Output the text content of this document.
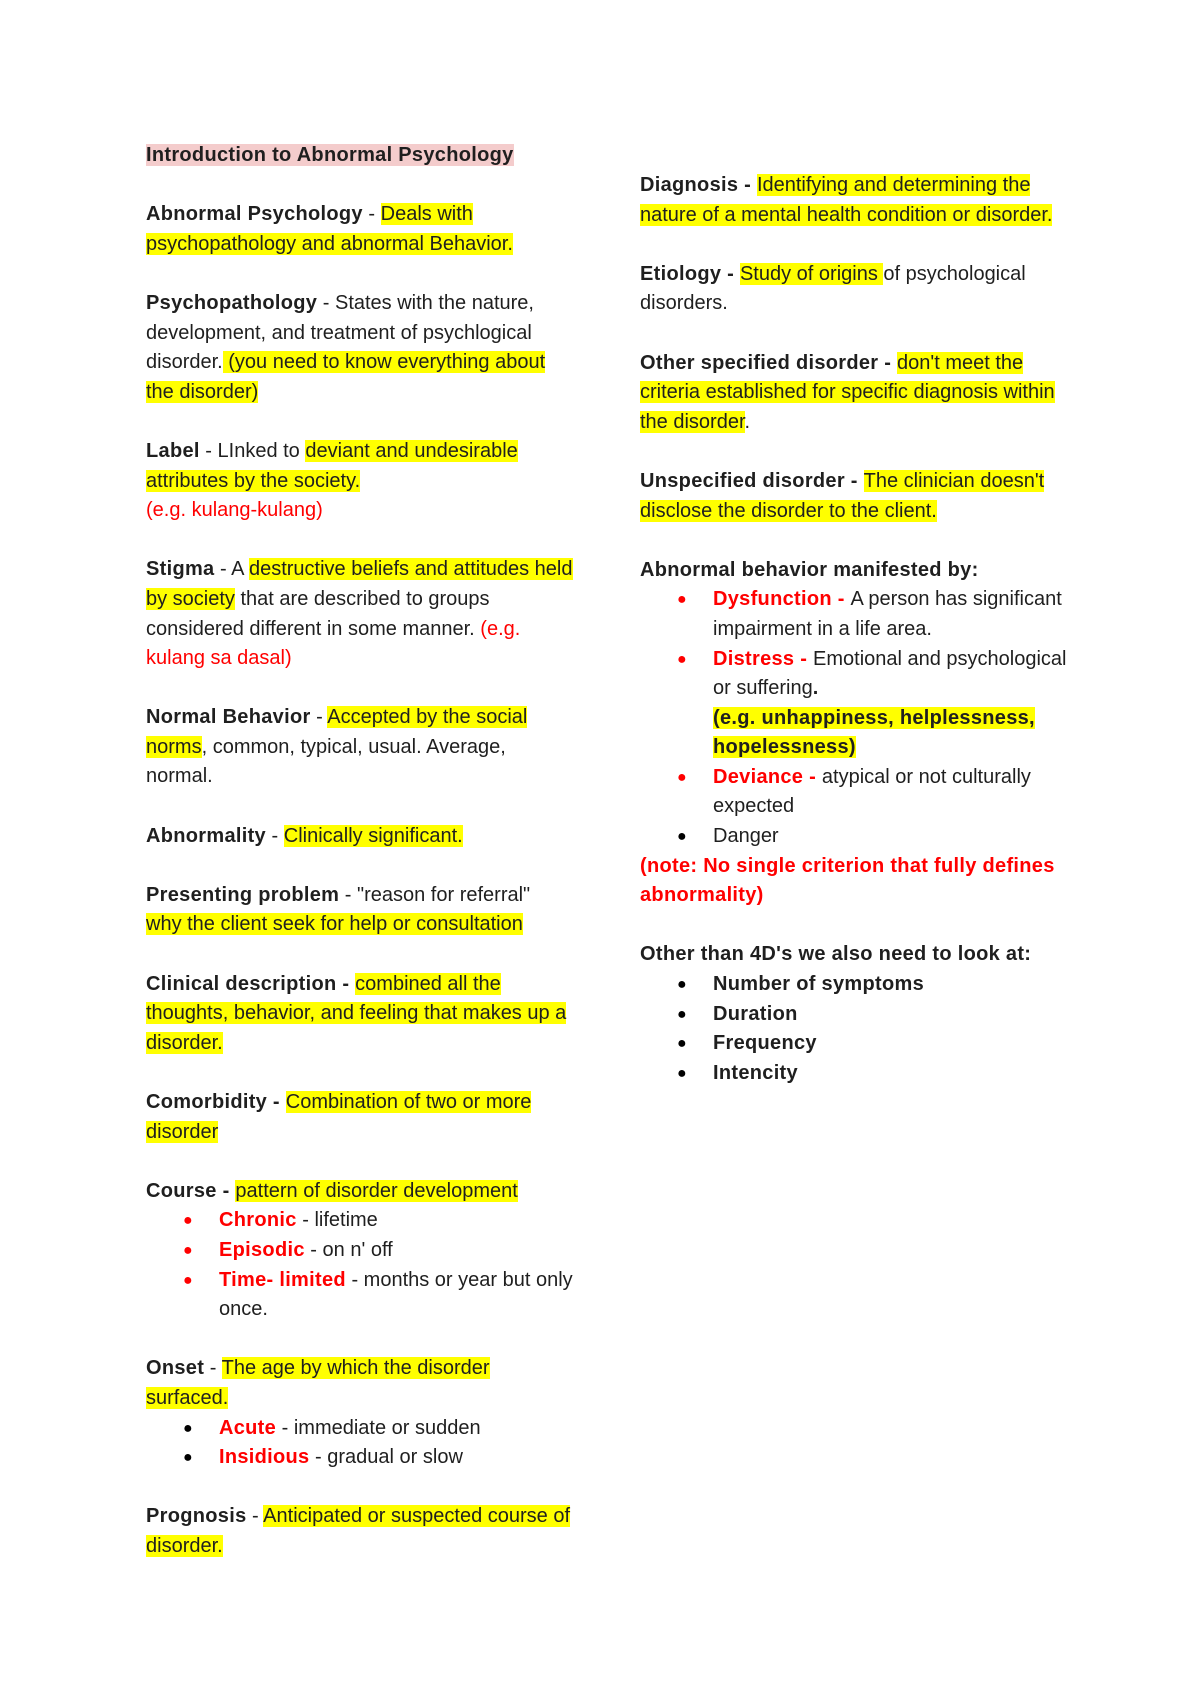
Introduction to Abnormal Psychology
Abnormal Psychology - Deals with psychopathology and abnormal Behavior.
Psychopathology - States with the nature, development, and treatment of psychlogical disorder. (you need to know everything about the disorder)
Label - LInked to deviant and undesirable attributes by the society.
(e.g. kulang-kulang)
Stigma - A destructive beliefs and attitudes held by society that are described to groups considered different in some manner. (e.g. kulang sa dasal)
Normal Behavior - Accepted by the social norms, common, typical, usual. Average, normal.
Abnormality - Clinically significant.
Presenting problem - "reason for referral"
why the client seek for help or consultation
Clinical description - combined all the thoughts, behavior, and feeling that makes up a disorder.
Comorbidity - Combination of two or more disorder
Course - pattern of disorder development
● Chronic - lifetime
● Episodic - on n' off
● Time- limited - months or year but only once.
Onset - The age by which the disorder surfaced.
● Acute - immediate or sudden
● Insidious - gradual or slow
Prognosis - Anticipated or suspected course of disorder.
Diagnosis - Identifying and determining the nature of a mental health condition or disorder.
Etiology - Study of origins of psychological disorders.
Other specified disorder - don't meet the criteria established for specific diagnosis within the disorder.
Unspecified disorder - The clinician doesn't disclose the disorder to the client.
Abnormal behavior manifested by:
● Dysfunction - A person has significant impairment in a life area.
● Distress - Emotional and psychological or suffering.
(e.g. unhappiness, helplessness, hopelessness)
● Deviance - atypical or not culturally expected
● Danger
(note: No single criterion that fully defines abnormality)
Other than 4D's we also need to look at:
● Number of symptoms
● Duration
● Frequency
● Intencity
